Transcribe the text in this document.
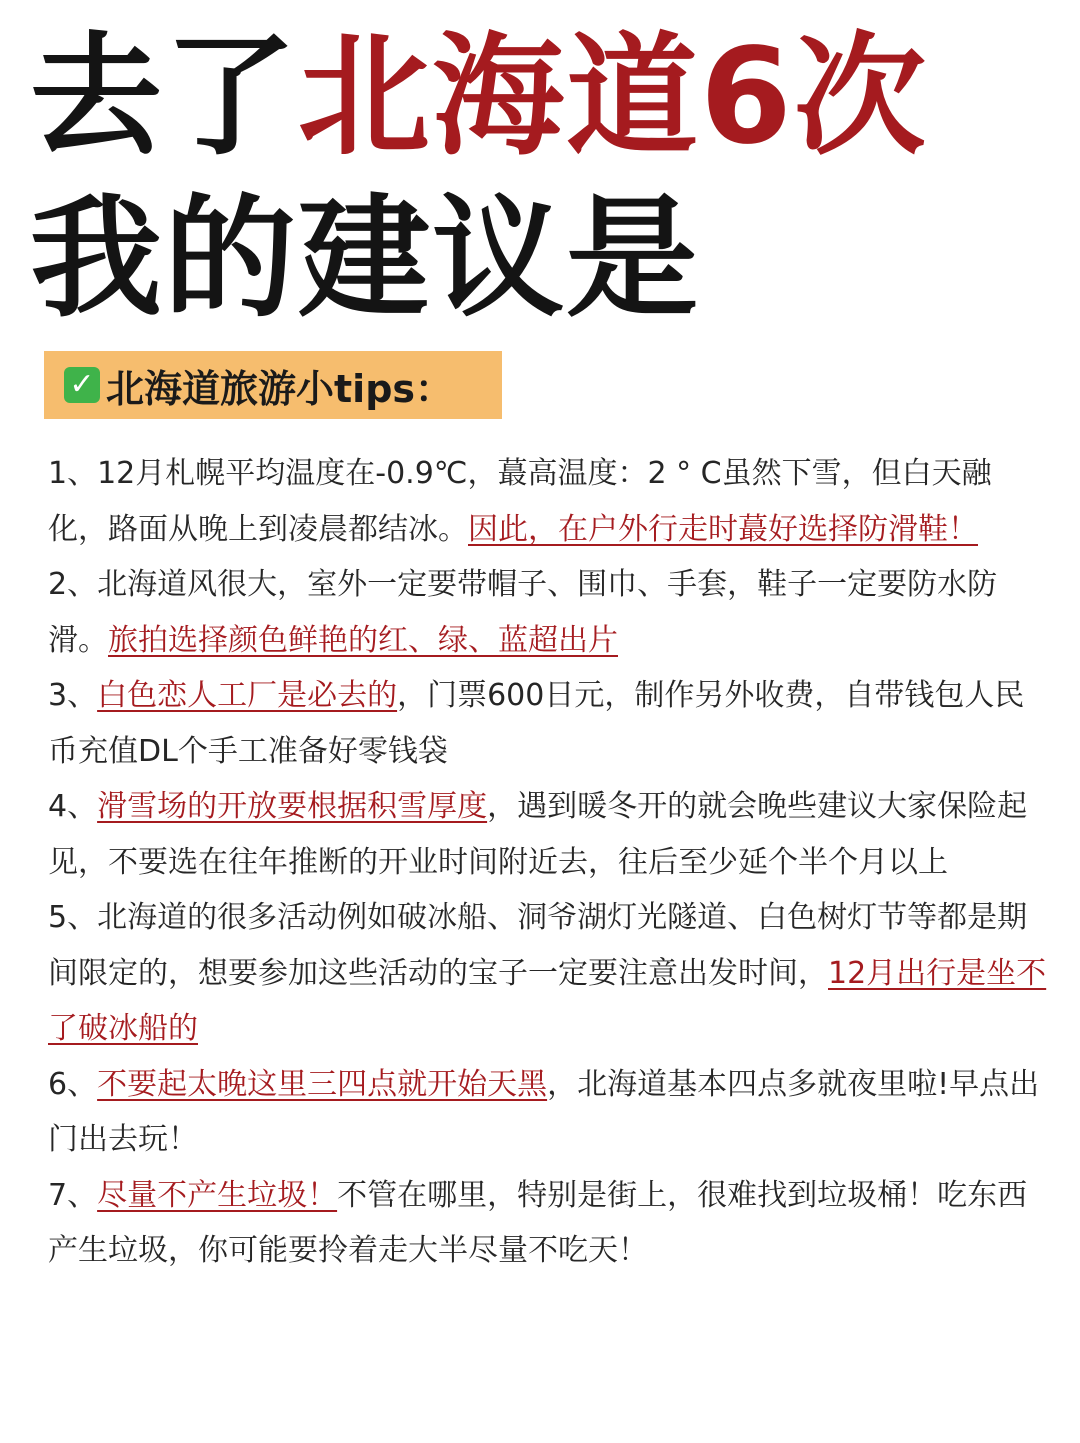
去了北海道6次
我的建议是
✓ 北海道旅游小tips：

1、12月札幌平均温度在-0.9℃，蕞高温度：2 ° C虽然下雪，但白天融化，路面从晚上到凌晨都结冰。因此，在户外行走时蕞好选择防滑鞋！

2、北海道风很大，室外一定要带帽子、围巾、手套，鞋子一定要防水防滑。旅拍选择颜色鲜艳的红、绿、蓝超出片

3、白色恋人工厂是必去的，门票600日元，制作另外收费，自带钱包人民币充值DL个手工准备好零钱袋

4、滑雪场的开放要根据积雪厚度，遇到暖冬开的就会晚些建议大家保险起见，不要选在往年推断的开业时间附近去，往后至少延个半个月以上

5、北海道的很多活动例如破冰船、洞爷湖灯光隧道、白色树灯节等都是期间限定的，想要参加这些活动的宝子一定要注意出发时间，12月出行是坐不了破冰船的

6、不要起太晚这里三四点就开始天黑，北海道基本四点多就夜里啦!早点出门出去玩！

7、尽量不产生垃圾！不管在哪里，特别是街上，很难找到垃圾桶！吃东西产生垃圾，你可能要拎着走大半尽量不吃天！
